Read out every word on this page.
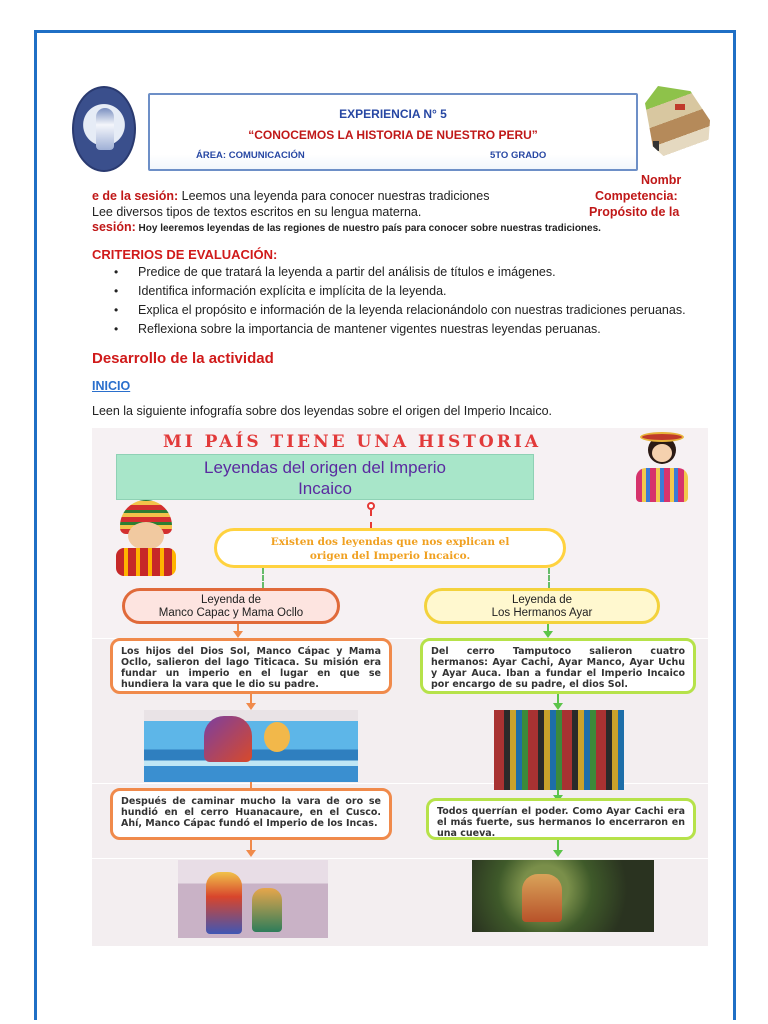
EXPERIENCIA N° 5
“CONOCEMOS LA HISTORIA DE NUESTRO PERU”
ÁREA: COMUNICACIÓN	5TO GRADO
Nombr
e de la sesión: Leemos una leyenda para conocer nuestras tradiciones	Competencia:
Lee diversos tipos de textos escritos en su lengua materna.	Propósito de la
sesión: Hoy leeremos leyendas de las regiones de nuestro país para conocer sobre nuestras tradiciones.
CRITERIOS DE EVALUACIÓN:
• Predice de que tratará la leyenda a partir del análisis de títulos e imágenes.
• Identifica información explícita e implícita de la leyenda.
• Explica el propósito e información de la leyenda relacionándolo con nuestras tradiciones peruanas.
• Reflexiona sobre la importancia de mantener vigentes nuestras leyendas peruanas.
Desarrollo de la actividad
INICIO
Leen la siguiente infografía sobre dos leyendas sobre el origen del Imperio Incaico.
MI PAÍS TIENE UNA HISTORIA
Leyendas del origen del Imperio
Incaico
Existen dos leyendas que nos explican el
origen del Imperio Incaico.
Leyenda de
Manco Capac y Mama Ocllo
Leyenda de
Los Hermanos Ayar
Los hijos del Dios Sol, Manco Cápac y Mama Ocllo, salieron del lago Titicaca. Su misión era fundar un imperio en el lugar en que se hundiera la vara que le dio su padre.
Del cerro Tamputoco salieron cuatro hermanos: Ayar Cachi, Ayar Manco, Ayar Uchu y Ayar Auca. Iban a fundar el Imperio Incaico por encargo de su padre, el dios Sol.
Después de caminar mucho la vara de oro se hundió en el cerro Huanacaure, en el Cusco. Ahí, Manco Cápac fundó el Imperio de los Incas.
Todos querrían el poder. Como Ayar Cachi era el más fuerte, sus hermanos lo encerraron en una cueva.
